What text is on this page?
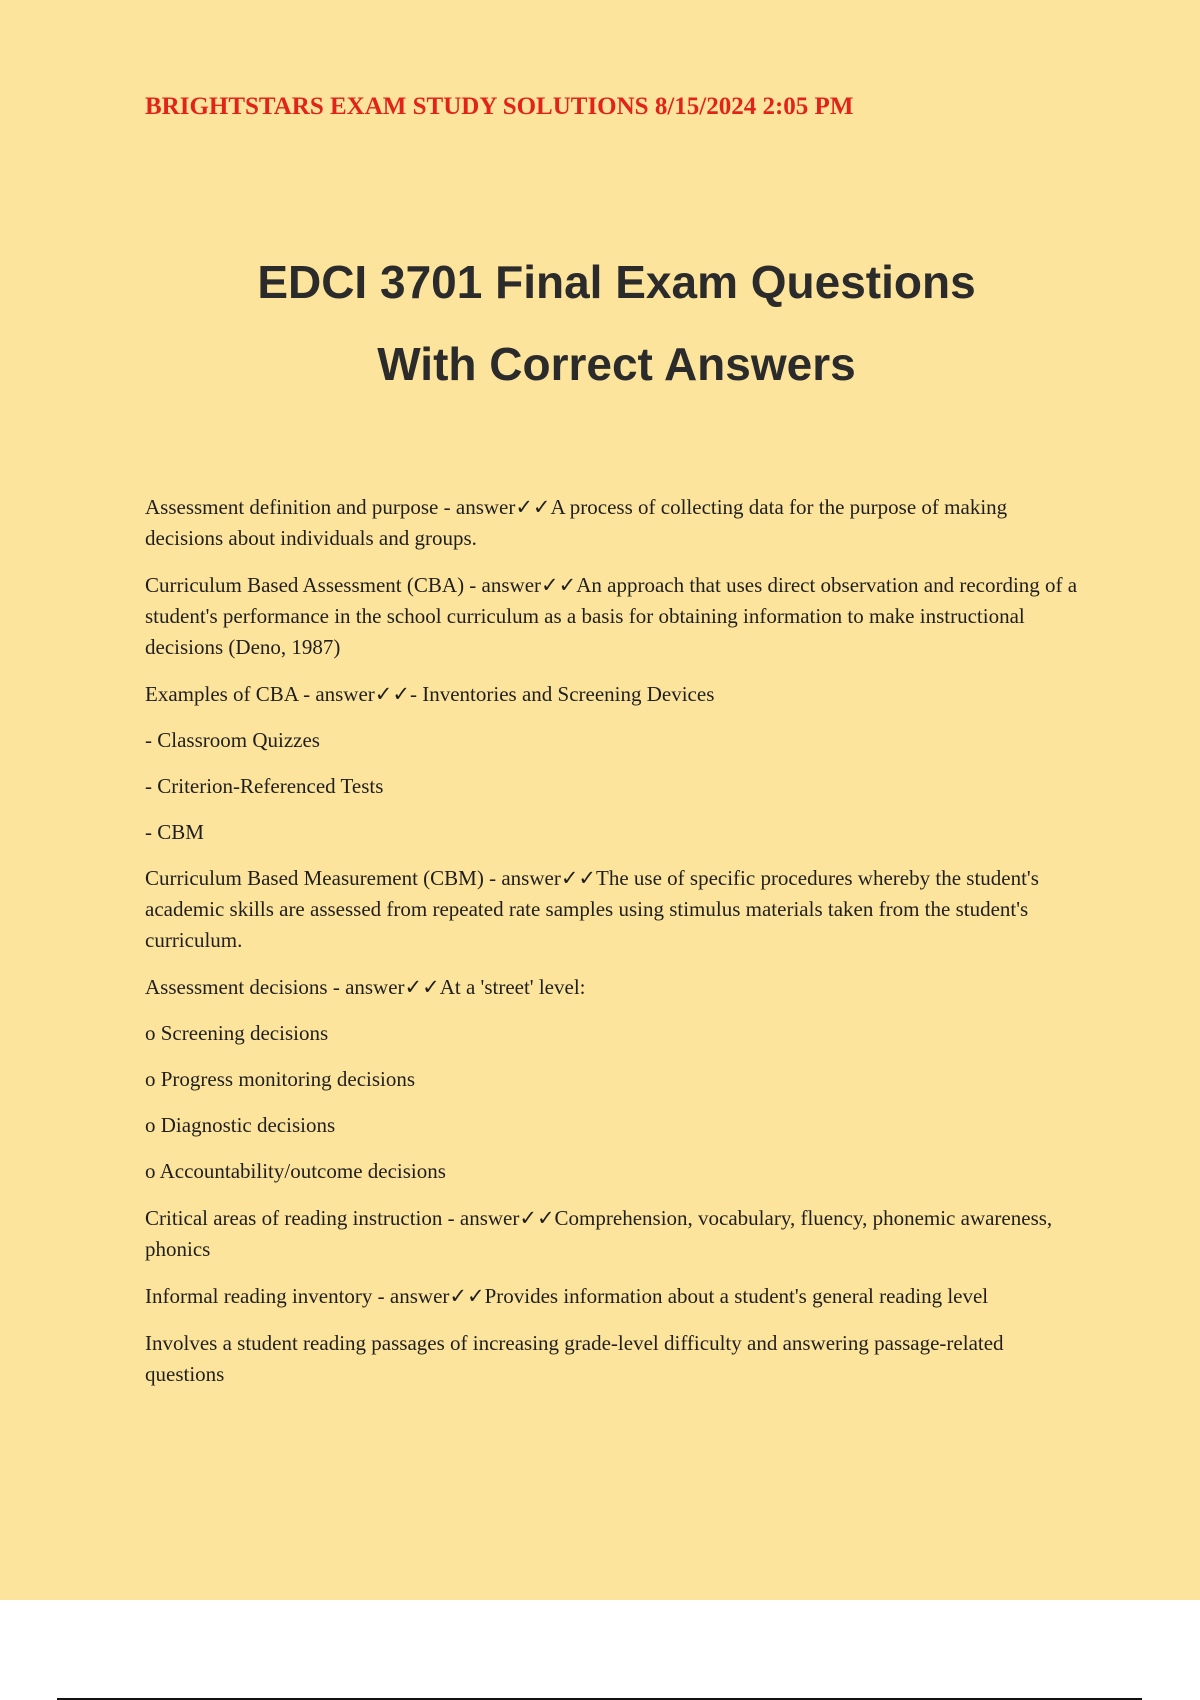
BRIGHTSTARS EXAM STUDY SOLUTIONS 8/15/2024 2:05 PM
EDCI 3701 Final Exam Questions
With Correct Answers

Assessment definition and purpose - answer✓✓A process of collecting data for the purpose of making decisions about individuals and groups.

Curriculum Based Assessment (CBA) - answer✓✓An approach that uses direct observation and recording of a student's performance in the school curriculum as a basis for obtaining information to make instructional decisions (Deno, 1987)

Examples of CBA - answer✓✓- Inventories and Screening Devices

- Classroom Quizzes

- Criterion-Referenced Tests

- CBM

Curriculum Based Measurement (CBM) - answer✓✓The use of specific procedures whereby the student's academic skills are assessed from repeated rate samples using stimulus materials taken from the student's curriculum.

Assessment decisions - answer✓✓At a 'street' level:

o Screening decisions

o Progress monitoring decisions

o Diagnostic decisions

o Accountability/outcome decisions

Critical areas of reading instruction - answer✓✓Comprehension, vocabulary, fluency, phonemic awareness, phonics

Informal reading inventory - answer✓✓Provides information about a student's general reading level

Involves a student reading passages of increasing grade-level difficulty and answering passage-related questions
